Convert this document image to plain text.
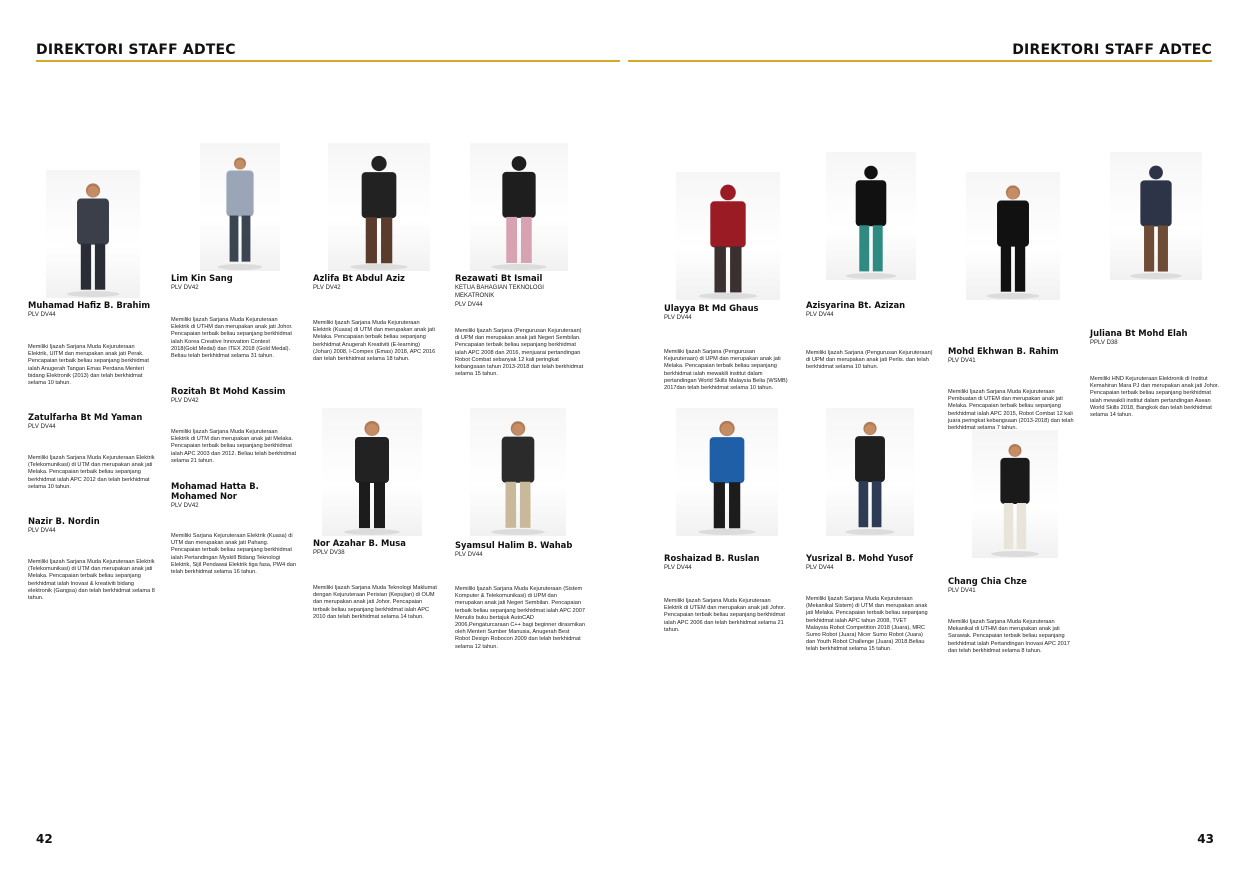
DIREKTORI STAFF ADTEC
42
DIREKTORI STAFF ADTEC
43
Muhamad Hafiz B. Brahim
PLV DV44
Memiliki Ijazah Sarjana Muda Kejuruteraan Elektrik, UITM dan merupakan anak jati Perak. Pencapaian terbaik beliau sepanjang berkhidmat ialah Anugerah Tangan Emas Perdana Menteri bidang Elektronik (2013) dan telah berkhidmat selama 10 tahun.
Zatulfarha Bt Md Yaman
PLV DV44
Memiliki Ijazah Sarjana Muda Kejuruteraan Elektrik (Telekomunikasi) di UTM dan merupakan anak jati Melaka. Pencapaian terbaik beliau sepanjang berkhidmat ialah APC 2012 dan telah berkhidmat selama 10 tahun.
Nazir B. Nordin
PLV DV44
Memiliki Ijazah Sarjana Muda Kejuruteraan Elektrik (Telekomunikasi) di UTM dan merupakan anak jati Melaka. Pencapaian terbaik beliau sepanjang berkhidmat ialah Inovasi & kreativiti bidang elektronik (Gangsa) dan telah berkhidmat selama 8 tahun.
Lim Kin Sang
PLV DV42
Memiliki Ijazah Sarjana Muda Kejuruteraan Elektrik di UTHM dan merupakan anak jati Johor. Pencapaian terbaik beliau sepanjang berkhidmat ialah Korea Creative Innovation Contest 2018(Gold Medal) dan ITEX 2018 (Gold Medal). Beliau telah berkhidmat selama 31 tahun.
Rozitah Bt Mohd Kassim
PLV DV42
Memiliki Ijazah Sarjana Muda Kejuruteraan Elektrik di UTM dan merupakan anak jati Melaka. Pencapaian terbaik beliau sepanjang berkhidmat ialah APC 2003 dan 2012. Beliau telah berkhidmat selama 21 tahun.
Mohamad Hatta B. Mohamed Nor
PLV DV42
Memiliki Sarjana Kejuruteraan Elektrik (Kuasa) di UTM dan merupakan anak jati Pahang. Pencapaian terbaik beliau sepanjang berkhidmat ialah Pertandingan Myskill Bidang Teknologi Elektrik, Sijil Pendawai Elektrik tiga fasa, PW4 dan telah berkhidmat selama 16 tahun.
Azlifa Bt Abdul Aziz
PLV DV42
Memiliki Ijazah Sarjana Muda Kejuruteraan Elektrik (Kuasa) di UTM dan merupakan anak jati Melaka. Pencapaian terbaik beliau sepanjang berkhidmat Anugerah Kreativiti (E-learning)(Johan) 2008, I-Compex (Emas) 2018, APC 2016 dan telah berkhidmat selama 18 tahun.
Nor Azahar B. Musa
PPLV DV38
Memiliki Ijazah Sarjana Muda Teknologi Maklumat dengan Kejuruteraan Perisian (Kepujian) di OUM dan merupakan anak jati Johor. Pencapaian terbaik beliau sepanjang berkhidmat ialah APC 2010 dan telah berkhidmat selama 14 tahun.
Rezawati Bt Ismail
KETUA BAHAGIAN TEKNOLOGI MEKATRONIK
PLV DV44
Memiliki Ijazah Sarjana (Pengurusan Kejuruteraan) di UPM dan merupakan anak jati Negeri Sembilan. Pencapaian terbaik beliau sepanjang berkhidmat ialah APC 2008 dan 2016, menjuarai pertandingan Robot Combat sebanyak 12 kali peringkat kebangsaan tahun 2013-2018 dan telah berkhidmat selama 15 tahun.
Syamsul Halim B. Wahab
PLV DV44
Memiliki Ijazah Sarjana Muda Kejuruteraan (Sistem Komputer & Telekomunikasi) di UPM dan merupakan anak jati Negeri Sembilan. Pencapaian terbaik beliau sepanjang berkhidmat ialah APC 2007 Menulis buku bertajuk AutoCAD 2006,Pengaturcaraan C++ bagi beginner dirasmikan oleh Menteri Sumber Manusia, Anugerah Best Robot Design Robocon 2009 dan telah berkhidmat selama 12 tahun.
Ulayya Bt Md Ghaus
PLV DV44
Memiliki Ijazah Sarjana (Pengurusan Kejuruteraan) di UPM dan merupakan anak jati Melaka. Pencapaian terbaik beliau sepanjang berkhidmat ialah mewakili institut dalam pertandingan World Skills Malaysia Belia (WSMB) 2017dan telah berkhidmat selama 10 tahun.
Roshaizad B. Ruslan
PLV DV44
Memiliki Ijazah Sarjana Muda Kejuruteraan Elektrik di UTEM dan merupakan anak jati Johor. Pencapaian terbaik beliau sepanjang berkhidmat ialah APC 2006 dan telah berkhidmat selama 21 tahun.
Azisyarina Bt. Azizan
PLV DV44
Memiliki Ijazah Sarjana (Pengurusan Kejuruteraan) di UPM dan merupakan anak jati Perlis. dan telah berkhidmat selama 10 tahun.
Yusrizal B. Mohd Yusof
PLV DV44
Memiliki Ijazah Sarjana Muda Kejuruteraan (Mekanikal Sistem) di UTM dan merupakan anak jati Melaka. Pencapaian terbaik beliau sepanjang berkhidmat ialah APC tahun 2008, TVET Malaysia Robot Competition 2018 (Juara), MRC Sumo Robot (Juara) Nicer Sumo Robot (Juara) dan Youth Robot Challenge (Juara) 2018.Beliau telah berkhidmat selama 15 tahun.
Mohd Ekhwan B. Rahim
PLV DV41
Memiliki Ijazah Sarjana Muda Kejuruteraan Pembuatan di UTEM dan merupakan anak jati Melaka. Pencapaian terbaik beliau sepanjang berkhidmat ialah APC 2015, Robot Combat 12 kali juara peringkat kebangsaan (2013-2018) dan telah berkhidmat selama 7 tahun.
Chang Chia Chze
PLV DV41
Memiliki Ijazah Sarjana Muda Kejuruteraan Mekanikal di UTHM dan merupakan anak jati Sarawak. Pencapaian terbaik beliau sepanjang berkhidmat ialah Pertandingan Inovasi APC 2017 dan telah berkhidmat selama 8 tahun.
Juliana Bt Mohd Elah
PPLV D38
Memiliki HND Kejuruteraan Elektronik di Institut Kemahiran Mara PJ dan merupakan anak jati Johor. Pencapaian terbaik beliau sepanjang berkhidmat ialah mewakili institut dalam pertandingan Asean World Skills 2018, Bangkok dan telah berkhidmat selama 14 tahun.
